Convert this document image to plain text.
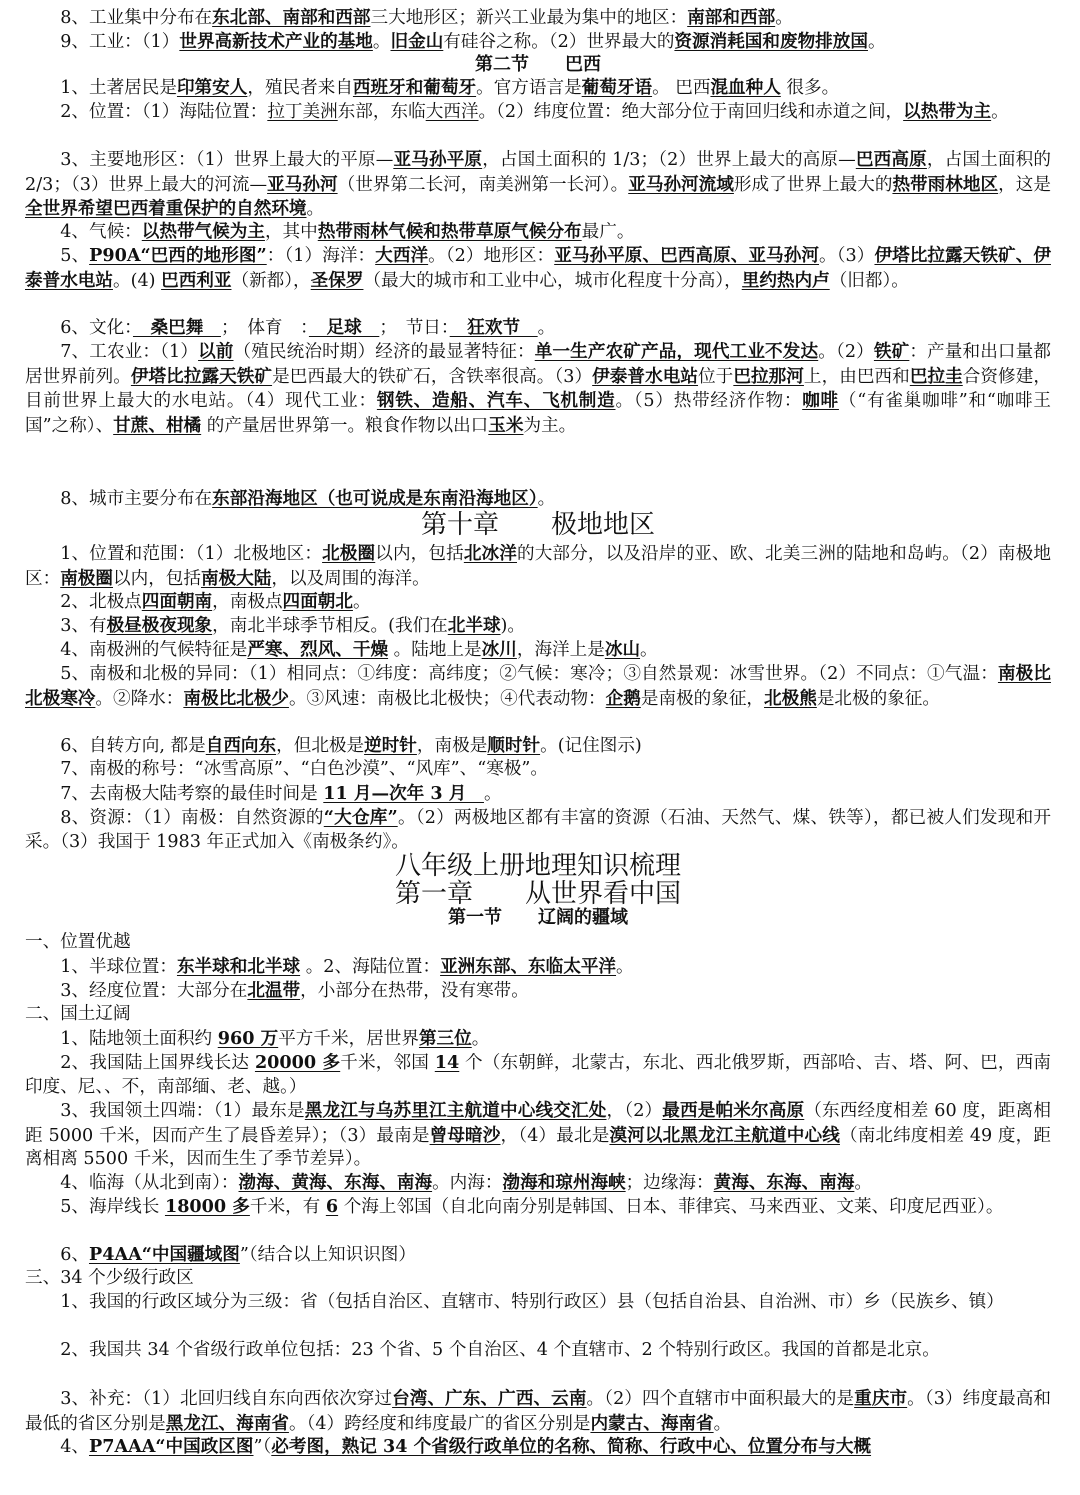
8、工业集中分布在东北部、南部和西部三大地形区；新兴工业最为集中的地区：南部和西部。

9、工业：（1）世界高新技术产业的基地。旧金山有硅谷之称。（2）世界最大的资源消耗国和废物排放国。

第二节　　巴西

1、土著居民是印第安人，殖民者来自西班牙和葡萄牙。官方语言是葡萄牙语。 巴西混血种人 很多。

2、位置：（1）海陆位置：拉丁美洲东部，东临大西洋。（2）纬度位置：绝大部分位于南回归线和赤道之间，以热带为主。

3、主要地形区：（1）世界上最大的平原—亚马孙平原，占国土面积的 1/3；（2）世界上最大的高原—巴西高原，占国土面积的 2/3；（3）世界上最大的河流—亚马孙河（世界第二长河，南美洲第一长河）。亚马孙河流域形成了世界上最大的热带雨林地区，这是全世界希望巴西着重保护的自然环境。

4、气候：以热带气候为主，其中热带雨林气候和热带草原气候分布最广。

5、P90A“巴西的地形图”：（1）海洋：大西洋。（2）地形区：亚马孙平原、巴西高原、亚马孙河。（3）伊塔比拉露天铁矿、伊泰普水电站。(4) 巴西利亚（新都），圣保罗（最大的城市和工业中心，城市化程度十分高），里约热内卢（旧都）。

6、文化：　桑巴舞　；　体育　：　足球　；　节日：　狂欢节　。

7、工农业：（1）以前（殖民统治时期）经济的最显著特征：单一生产农矿产品，现代工业不发达。（2）铁矿：产量和出口量都居世界前列。伊塔比拉露天铁矿是巴西最大的铁矿石，含铁率很高。（3）伊泰普水电站位于巴拉那河上，由巴西和巴拉圭合资修建，目前世界上最大的水电站。（4）现代工业：钢铁、造船、汽车、飞机制造。（5）热带经济作物：咖啡（“有雀巢咖啡”和“咖啡王国”之称）、甘蔗、柑橘 的产量居世界第一。粮食作物以出口玉米为主。

8、城市主要分布在东部沿海地区（也可说成是东南沿海地区）。

第十章　　极地地区

1、位置和范围：（1）北极地区：北极圈以内，包括北冰洋的大部分，以及沿岸的亚、欧、北美三洲的陆地和岛屿。（2）南极地区：南极圈以内，包括南极大陆，以及周围的海洋。

2、北极点四面朝南，南极点四面朝北。

3、有极昼极夜现象，南北半球季节相反。(我们在北半球)。

4、南极洲的气候特征是严寒、烈风、干燥 。陆地上是冰川，海洋上是冰山。

5、南极和北极的异同：（1）相同点：①纬度：高纬度；②气候：寒冷；③自然景观：冰雪世界。（2）不同点：①气温：南极比北极寒冷。②降水：南极比北极少。③风速：南极比北极快；④代表动物：企鹅是南极的象征，北极熊是北极的象征。

6、自转方向, 都是自西向东，但北极是逆时针，南极是顺时针。(记住图示)

7、南极的称号：“冰雪高原”、“白色沙漠”、“风库”、“寒极”。

7、去南极大陆考察的最佳时间是 11 月—次年 3 月　。

8、资源：（1）南极：自然资源的“大仓库”。（2）两极地区都有丰富的资源（石油、天然气、煤、铁等），都已被人们发现和开采。（3）我国于 1983 年正式加入《南极条约》。

八年级上册地理知识梳理

第一章　　从世界看中国

第一节　　辽阔的疆域

一、位置优越

1、半球位置：东半球和北半球 。2、海陆位置：亚洲东部、东临太平洋。

3、经度位置：大部分在北温带，小部分在热带，没有寒带。

二、国土辽阔

1、陆地领土面积约 960 万平方千米，居世界第三位。

2、我国陆上国界线长达 20000 多千米，邻国 14 个（东朝鲜，北蒙古，东北、西北俄罗斯，西部哈、吉、塔、阿、巴，西南印度、尼、、不，南部缅、老、越。）

3、我国领土四端：（1）最东是黑龙江与乌苏里江主航道中心线交汇处，（2）最西是帕米尔高原（东西经度相差 60 度，距离相距 5000 千米，因而产生了晨昏差异）；（3）最南是曾母暗沙，（4）最北是漠河以北黑龙江主航道中心线（南北纬度相差 49 度，距离相离 5500 千米，因而生生了季节差异）。

4、临海（从北到南）：渤海、黄海、东海、南海。内海：渤海和琼州海峡；边缘海：黄海、东海、南海。

5、海岸线长 18000 多千米，有 6 个海上邻国（自北向南分别是韩国、日本、菲律宾、马来西亚、文莱、印度尼西亚）。

6、P4AA“中国疆域图”（结合以上知识识图）

三、34 个少级行政区

1、我国的行政区域分为三级：省（包括自治区、直辖市、特别行政区）县（包括自治县、自治洲、市）乡（民族乡、镇）

2、我国共 34 个省级行政单位包括：23 个省、5 个自治区、4 个直辖市、2 个特别行政区。我国的首都是北京。

3、补充：（1）北回归线自东向西依次穿过台湾、广东、广西、云南。（2）四个直辖市中面积最大的是重庆市。（3）纬度最高和最低的省区分别是黑龙江、海南省。（4）跨经度和纬度最广的省区分别是内蒙古、海南省。

4、P7AAA“中国政区图”（必考图，熟记 34 个省级行政单位的名称、简称、行政中心、位置分布与大概
